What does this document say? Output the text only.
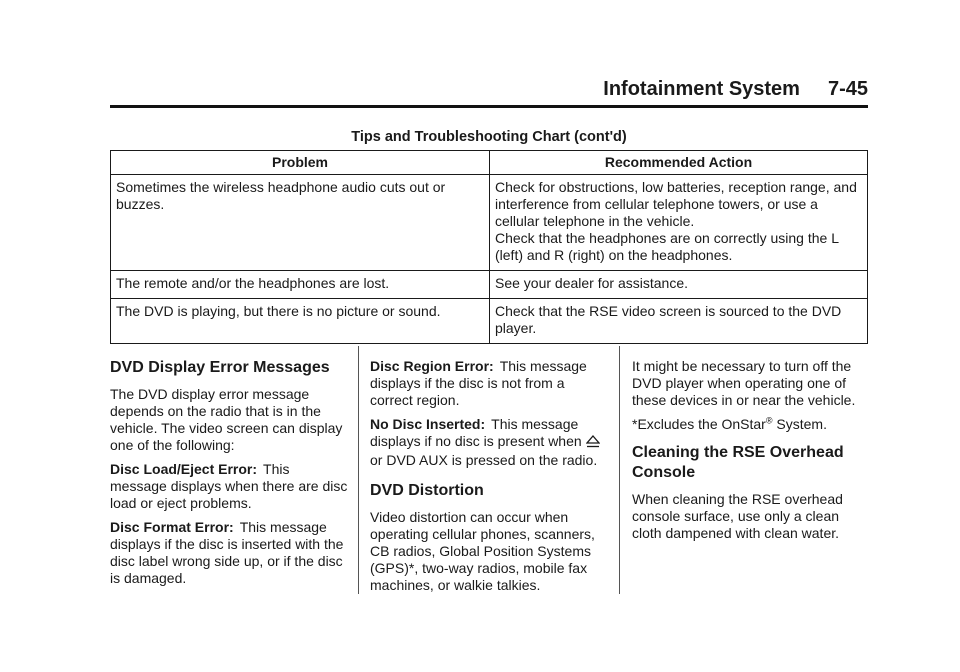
Infotainment System 7-45
Tips and Troubleshooting Chart (cont'd)
Problem	Recommended Action
Sometimes the wireless headphone audio cuts out or buzzes.	Check for obstructions, low batteries, reception range, and interference from cellular telephone towers, or use a cellular telephone in the vehicle.
Check that the headphones are on correctly using the L (left) and R (right) on the headphones.

The remote and/or the headphones are lost.	See your dealer for assistance.
The DVD is playing, but there is no picture or sound.	Check that the RSE video screen is sourced to the DVD player.
DVD Display Error Messages

The DVD display error message depends on the radio that is in the vehicle. The video screen can display one of the following:

Disc Load/Eject Error: This message displays when there are disc load or eject problems.

Disc Format Error: This message displays if the disc is inserted with the disc label wrong side up, or if the disc is damaged.

Disc Region Error: This message displays if the disc is not from a correct region.

No Disc Inserted: This message displays if no disc is present when or DVD AUX is pressed on the radio.

DVD Distortion

Video distortion can occur when operating cellular phones, scanners, CB radios, Global Position Systems (GPS)*, two-way radios, mobile fax machines, or walkie talkies.

It might be necessary to turn off the DVD player when operating one of these devices in or near the vehicle.

*Excludes the OnStar® System.

Cleaning the RSE Overhead Console

When cleaning the RSE overhead console surface, use only a clean cloth dampened with clean water.
